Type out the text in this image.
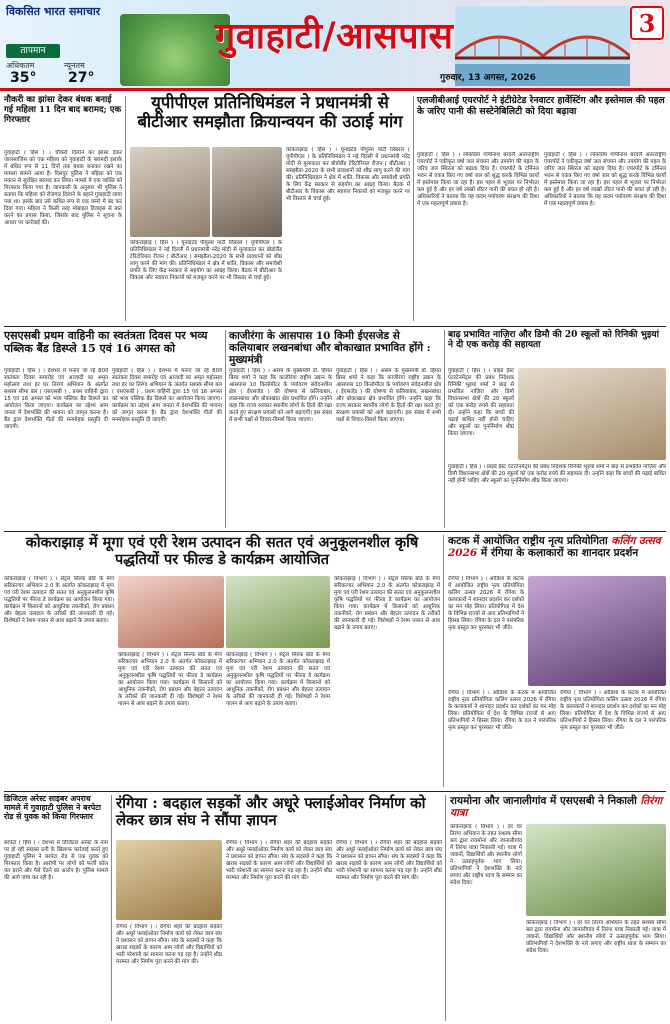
विकसित भारत समाचार
तापमान
अधिकतम	न्यूनतम
35° 27°
गुवाहाटी/आसपास	3
गुरुवार, 13 अगस्त, 2026
नौकरी का झांसा देकर बंधक बनाई गई महिला 11 दिन बाद बरामद; एक गिरफ्तार
गुवाहाटी ( हिंस ) । चौकरी दिलाने का झांसा देकर जालसाजिस को एक महिला को गुवाहाटी के बरामदी इलाके में बंधित रूप से 11 दिनों तक बंधक बनाकर रखने का मामला सामने आया है। दिसपुर पुलिस ने महिला को एक मकान से सुरक्षित बरामद कर लिया। मामले में एक व्यक्ति को गिरफ्तार किया गया है। जानकारी के अनुसार भी पुलिस ने बताया कि महिला को रोजगार दिलाने के बहाने गुवाहाटी लाया गया था। इसके बाद उसे कथित रूप से एक कमरे में बंद कर दिया गया। महिला ने किसी तरह मोबाइल डिवाइस से बात करने का प्रयास किया, जिसके बाद पुलिस ने सूचना के आधार पर कार्रवाई की।
यूपीपीएल प्रतिनिधिमंडल ने प्रधानमंत्री से बीटीआर समझौता क्रियान्वयन की उठाई मांग
कोकराझाड़ ( हिंस ) । यूनाइटेड पीपुल्स पार्टी लिबरल ( यूपीपीएल ) के प्रतिनिधिमंडल ने नई दिल्ली में प्रधानमंत्री नरेंद्र मोदी से मुलाकात कर बोडोलैंड टेरिटोरियल रीजन ( बीटीआर ) समझौता-2020 के सभी प्रावधानों को शीघ्र लागू करने की मांग की। प्रतिनिधिमंडल ने क्षेत्र में शांति, विकास और समावेशी प्रगति के लिए केंद्र सरकार से सहयोग का आग्रह किया। बैठक में बीटीआर के विकास और स्वायत्त निकायों को मजबूत करने पर भी विस्तार से चर्चा हुई।
कोकराझाड़ ( हिंस ) । यूनाइटेड पीपुल्स पार्टी लिबरल ( यूपीपीएल ) के प्रतिनिधिमंडल ने नई दिल्ली में प्रधानमंत्री नरेंद्र मोदी से मुलाकात कर बोडोलैंड टेरिटोरियल रीजन ( बीटीआर ) समझौता-2020 के सभी प्रावधानों को शीघ्र लागू करने की मांग की। प्रतिनिधिमंडल ने क्षेत्र में शांति, विकास और समावेशी प्रगति के लिए केंद्र सरकार से सहयोग का आग्रह किया। बैठक में बीटीआर के विकास और स्वायत्त निकायों को मजबूत करने पर भी विस्तार से चर्चा हुई।
एलजीबीआई एयरपोर्ट ने इंटीग्रेटेड रेनवाटर हार्वेस्टिंग और इस्तेमाल की पहल के जरिए पानी की सस्टेनेबिलिटी को दिया बढ़ावा
गुवाहाटी ( हिंस ) । लोकप्रिय गोपीनाथ बरदलै अंतरराष्ट्रीय एयरपोर्ट ने एकीकृत वर्षा जल संचयन और उपयोग की पहल के जरिए जल स्थिरता को बढ़ावा दिया है। एयरपोर्ट के टर्मिनल भवन से एकत्र किए गए वर्षा जल को शुद्ध करके विभिन्न कार्यों में इस्तेमाल किया जा रहा है। इस पहल से भूजल पर निर्भरता कम हुई है और हर वर्ष लाखों लीटर पानी की बचत हो रही है। अधिकारियों ने बताया कि यह कदम पर्यावरण संरक्षण की दिशा में एक महत्वपूर्ण प्रयास है।
गुवाहाटी ( हिंस ) । लोकप्रिय गोपीनाथ बरदलै अंतरराष्ट्रीय एयरपोर्ट ने एकीकृत वर्षा जल संचयन और उपयोग की पहल के जरिए जल स्थिरता को बढ़ावा दिया है। एयरपोर्ट के टर्मिनल भवन से एकत्र किए गए वर्षा जल को शुद्ध करके विभिन्न कार्यों में इस्तेमाल किया जा रहा है। इस पहल से भूजल पर निर्भरता कम हुई है और हर वर्ष लाखों लीटर पानी की बचत हो रही है। अधिकारियों ने बताया कि यह कदम पर्यावरण संरक्षण की दिशा में एक महत्वपूर्ण प्रयास है।
एसएसबी प्रथम वाहिनी का स्वतंत्रता दिवस पर भव्य पब्लिक बैंड डिस्प्ले 15 एवं 16 अगस्त को
गुवाहाटी ( हिंस ) । देशभर में मनाए जा रहे 80वें स्वतंत्रता दिवस समारोह एवं आजादी का अमृत महोत्सव तथा हर घर तिरंगा अभियान के अंतर्गत सशस्त्र सीमा बल ( एसएसबी ) , प्रथम वाहिनी द्वारा 15 एवं 16 अगस्त को भव्य पब्लिक बैंड डिस्प्ले का आयोजन किया जाएगा। कार्यक्रम का उद्देश्य आम जनता में देशभक्ति की भावना को जागृत करना है। बैंड द्वारा देशभक्ति गीतों की मनमोहक प्रस्तुति दी जाएगी।
गुवाहाटी ( हिंस ) । देशभर में मनाए जा रहे 80वें स्वतंत्रता दिवस समारोह एवं आजादी का अमृत महोत्सव तथा हर घर तिरंगा अभियान के अंतर्गत सशस्त्र सीमा बल ( एसएसबी ) , प्रथम वाहिनी द्वारा 15 एवं 16 अगस्त को भव्य पब्लिक बैंड डिस्प्ले का आयोजन किया जाएगा। कार्यक्रम का उद्देश्य आम जनता में देशभक्ति की भावना को जागृत करना है। बैंड द्वारा देशभक्ति गीतों की मनमोहक प्रस्तुति दी जाएगी।
काजीरंगा के आसपास 10 किमी ईएसजेड से कलियाबार लखनबांधा और बोकाखात प्रभावित होंगे : मुख्यमंत्री
गुवाहाटी ( हिंस ) । असम के मुख्यमंत्री डॉ. हिमंत बिस्व शर्मा ने कहा कि काजीरंगा राष्ट्रीय उद्यान के आसपास 10 किलोमीटर के पर्यावरण संवेदनशील क्षेत्र ( ईएसजेड ) की घोषणा से कलियाबार, लखनबांधा और बोकाखात क्षेत्र प्रभावित होंगे। उन्होंने कहा कि राज्य सरकार स्थानीय लोगों के हितों की रक्षा करते हुए संरक्षण प्रयासों को आगे बढ़ाएगी। इस संबंध में सभी पक्षों से विचार-विमर्श किया जाएगा।
गुवाहाटी ( हिंस ) । असम के मुख्यमंत्री डॉ. हिमंत बिस्व शर्मा ने कहा कि काजीरंगा राष्ट्रीय उद्यान के आसपास 10 किलोमीटर के पर्यावरण संवेदनशील क्षेत्र ( ईएसजेड ) की घोषणा से कलियाबार, लखनबांधा और बोकाखात क्षेत्र प्रभावित होंगे। उन्होंने कहा कि राज्य सरकार स्थानीय लोगों के हितों की रक्षा करते हुए संरक्षण प्रयासों को आगे बढ़ाएगी। इस संबंध में सभी पक्षों से विचार-विमर्श किया जाएगा।
बाढ़ प्रभावित नाज़िरा और डिमौ की 20 स्कूलों को रिनिकी भुइयां ने दी एक करोड़ की सहायता
गुवाहाटी ( हिंस ) । प्राइड ईस्ट एंटरटेनमेंट्स की प्रबंध निदेशक रिनिकी भुइयां शर्मा ने बाढ़ से प्रभावित नाज़िरा और डिमौ विधानसभा क्षेत्रों की 20 स्कूलों को एक करोड़ रुपये की सहायता दी। उन्होंने कहा कि बच्चों की पढ़ाई बाधित नहीं होनी चाहिए और स्कूलों का पुनर्निर्माण शीघ्र किया जाएगा।
गुवाहाटी ( हिंस ) । प्राइड ईस्ट एंटरटेनमेंट्स की प्रबंध निदेशक रिनिकी भुइयां शर्मा ने बाढ़ से प्रभावित नाज़िरा और डिमौ विधानसभा क्षेत्रों की 20 स्कूलों को एक करोड़ रुपये की सहायता दी। उन्होंने कहा कि बच्चों की पढ़ाई बाधित नहीं होनी चाहिए और स्कूलों का पुनर्निर्माण शीघ्र किया जाएगा।
कोकराझाड़ में मूगा एवं एरी रेशम उत्पादन की सतत एवं अनुकूलनशील कृषि पद्धतियों पर फील्ड डे कार्यक्रम आयोजित
कोकराझाड़ ( विभाग ) । सेंट्रल सिल्क बोर्ड के मेगा सरिकल्चर अभियान 2.0 के अंतर्गत कोकराझाड़ में मूगा एवं एरी रेशम उत्पादन की सतत एवं अनुकूलनशील कृषि पद्धतियों पर फील्ड डे कार्यक्रम का आयोजन किया गया। कार्यक्रम में किसानों को आधुनिक तकनीकों, रोग प्रबंधन और बेहतर उत्पादन के तरीकों की जानकारी दी गई। विशेषज्ञों ने रेशम पालन से आय बढ़ाने के उपाय बताए।
कोकराझाड़ ( विभाग ) । सेंट्रल सिल्क बोर्ड के मेगा सरिकल्चर अभियान 2.0 के अंतर्गत कोकराझाड़ में मूगा एवं एरी रेशम उत्पादन की सतत एवं अनुकूलनशील कृषि पद्धतियों पर फील्ड डे कार्यक्रम का आयोजन किया गया। कार्यक्रम में किसानों को आधुनिक तकनीकों, रोग प्रबंधन और बेहतर उत्पादन के तरीकों की जानकारी दी गई। विशेषज्ञों ने रेशम पालन से आय बढ़ाने के उपाय बताए।
कोकराझाड़ ( विभाग ) । सेंट्रल सिल्क बोर्ड के मेगा सरिकल्चर अभियान 2.0 के अंतर्गत कोकराझाड़ में मूगा एवं एरी रेशम उत्पादन की सतत एवं अनुकूलनशील कृषि पद्धतियों पर फील्ड डे कार्यक्रम का आयोजन किया गया। कार्यक्रम में किसानों को आधुनिक तकनीकों, रोग प्रबंधन और बेहतर उत्पादन के तरीकों की जानकारी दी गई। विशेषज्ञों ने रेशम पालन से आय बढ़ाने के उपाय बताए।
कोकराझाड़ ( विभाग ) । सेंट्रल सिल्क बोर्ड के मेगा सरिकल्चर अभियान 2.0 के अंतर्गत कोकराझाड़ में मूगा एवं एरी रेशम उत्पादन की सतत एवं अनुकूलनशील कृषि पद्धतियों पर फील्ड डे कार्यक्रम का आयोजन किया गया। कार्यक्रम में किसानों को आधुनिक तकनीकों, रोग प्रबंधन और बेहतर उत्पादन के तरीकों की जानकारी दी गई। विशेषज्ञों ने रेशम पालन से आय बढ़ाने के उपाय बताए।
कटक में आयोजित राष्ट्रीय नृत्य प्रतियोगिता कलिंग उत्सव 2026 में रंगिया के कलाकारों का शानदार प्रदर्शन
रंगिया ( विभाग ) । ओडिशा के कटक में आयोजित राष्ट्रीय नृत्य प्रतियोगिता कलिंग उत्सव 2026 में रंगिया के कलाकारों ने शानदार प्रदर्शन कर दर्शकों का मन मोह लिया। प्रतियोगिता में देश के विभिन्न राज्यों से आए प्रतिभागियों ने हिस्सा लिया। रंगिया के दल ने पारंपरिक नृत्य प्रस्तुत कर पुरस्कार भी जीते।
रंगिया ( विभाग ) । ओडिशा के कटक में आयोजित राष्ट्रीय नृत्य प्रतियोगिता कलिंग उत्सव 2026 में रंगिया के कलाकारों ने शानदार प्रदर्शन कर दर्शकों का मन मोह लिया। प्रतियोगिता में देश के विभिन्न राज्यों से आए प्रतिभागियों ने हिस्सा लिया। रंगिया के दल ने पारंपरिक नृत्य प्रस्तुत कर पुरस्कार भी जीते।
रंगिया ( विभाग ) । ओडिशा के कटक में आयोजित राष्ट्रीय नृत्य प्रतियोगिता कलिंग उत्सव 2026 में रंगिया के कलाकारों ने शानदार प्रदर्शन कर दर्शकों का मन मोह लिया। प्रतियोगिता में देश के विभिन्न राज्यों से आए प्रतिभागियों ने हिस्सा लिया। रंगिया के दल ने पारंपरिक नृत्य प्रस्तुत कर पुरस्कार भी जीते।
डिजिटल अरेस्ट साइबर अपराध मामले में गुवाहाटी पुलिस ने बरपेटा रोड से युवक को किया गिरफ्तार
बरपेटा ( हिंस ) । देशभर में डिजिटल अरेस्ट के नाम पर हो रही साइबर ठगी के खिलाफ कार्रवाई करते हुए गुवाहाटी पुलिस ने बरपेटा रोड से एक युवक को गिरफ्तार किया है। आरोपी पर लोगों को फर्जी कॉल कर डराने और पैसे ऐंठने का आरोप है। पुलिस मामले की आगे जांच कर रही है।
रंगिया : बदहाल सड़कों और अधूरे फ्लाईओवर निर्माण को लेकर छात्र संघ ने सौंपा ज्ञापन
रंगिया ( विभाग ) । रंगिया शहर की बदहाल सड़कों और अधूरे फ्लाईओवर निर्माण कार्य को लेकर छात्र संघ ने प्रशासन को ज्ञापन सौंपा। संघ के सदस्यों ने कहा कि खराब सड़कों के कारण आम लोगों और विद्यार्थियों को भारी परेशानी का सामना करना पड़ रहा है। उन्होंने शीघ्र मरम्मत और निर्माण पूरा करने की मांग की।
रंगिया ( विभाग ) । रंगिया शहर की बदहाल सड़कों और अधूरे फ्लाईओवर निर्माण कार्य को लेकर छात्र संघ ने प्रशासन को ज्ञापन सौंपा। संघ के सदस्यों ने कहा कि खराब सड़कों के कारण आम लोगों और विद्यार्थियों को भारी परेशानी का सामना करना पड़ रहा है। उन्होंने शीघ्र मरम्मत और निर्माण पूरा करने की मांग की।
रंगिया ( विभाग ) । रंगिया शहर की बदहाल सड़कों और अधूरे फ्लाईओवर निर्माण कार्य को लेकर छात्र संघ ने प्रशासन को ज्ञापन सौंपा। संघ के सदस्यों ने कहा कि खराब सड़कों के कारण आम लोगों और विद्यार्थियों को भारी परेशानी का सामना करना पड़ रहा है। उन्होंने शीघ्र मरम्मत और निर्माण पूरा करने की मांग की।
रायमोना और जानालीगांव में एसएसबी ने निकाली तिरंगा यात्रा
कोकराझाड़ ( विभाग ) । हर घर तिरंगा अभियान के तहत सशस्त्र सीमा बल द्वारा रायमोना और जानालीगांव में तिरंगा यात्रा निकाली गई। यात्रा में जवानों, विद्यार्थियों और स्थानीय लोगों ने उत्साहपूर्वक भाग लिया। प्रतिभागियों ने देशभक्ति के नारे लगाए और राष्ट्रीय ध्वज के सम्मान का संदेश दिया।
कोकराझाड़ ( विभाग ) । हर घर तिरंगा अभियान के तहत सशस्त्र सीमा बल द्वारा रायमोना और जानालीगांव में तिरंगा यात्रा निकाली गई। यात्रा में जवानों, विद्यार्थियों और स्थानीय लोगों ने उत्साहपूर्वक भाग लिया। प्रतिभागियों ने देशभक्ति के नारे लगाए और राष्ट्रीय ध्वज के सम्मान का संदेश दिया।
